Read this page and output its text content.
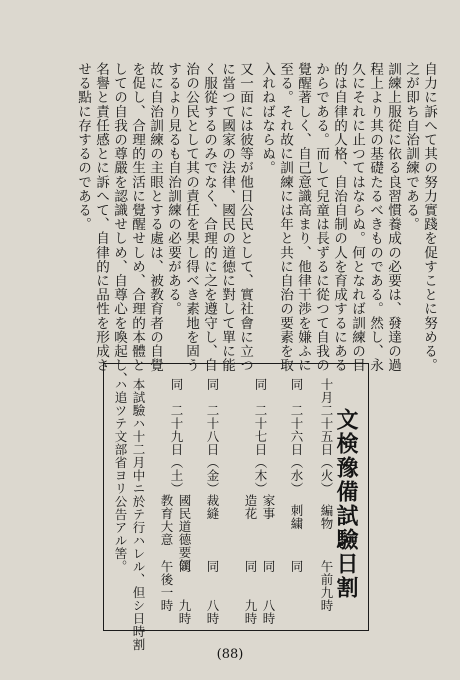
自力に訴へて其の努力實踐を促すことに努める。
之が即ち自治訓練である。
訓練上服從に依る良習慣養成の必要は、發達の過
程上より其の基礎たるべきものである。然し、永
久にそれに止つてはならぬ。何となれば訓練の目
的は自律的人格、自治自制の人を育成するにある
からである。而して兒童は長ずるに從つて自我の
覺醒著しく、自己意識高まり、他律干渉を嫌ふに
至る。それ故に訓練には年と共に自治の要素を取
入れねばならぬ。
又一面には彼等が他日公民として、實社會に立つ
に當つて國家の法律、國民の道徳に對して單に能
く服從するのみでなく、合理的に之を遵守し、自
治の公民として其の責任を果し得べき素地を固う
するより見るも自治訓練の必要がある。
故に自治訓練の主眼とする處は、被教育者の自覺
を促し、合理的生活に覺醒せしめ、合理的本體と
しての自我の尊嚴を認識せしめ、自尊心を喚起し、
名譽と責任感とに訴へて、自律的に品性を形成さ
せる點に存するのである。
文検豫備試驗日割
十月二十五日（火）
編物
午前九時
同　二十六日（水）
刺繍
同
同　二十七日（木）
家事
造花
同　　八時
同　　九時
同　二十八日（金）
裁縫
同　　八時
同　二十九日（土）
國民道德要領
教育大意
同　　九時
午後一時
本試驗ハ十二月中ニ於テ行ハレル、但シ日時割
ハ追ツテ文部省ヨリ公告アル筈。
(88)
